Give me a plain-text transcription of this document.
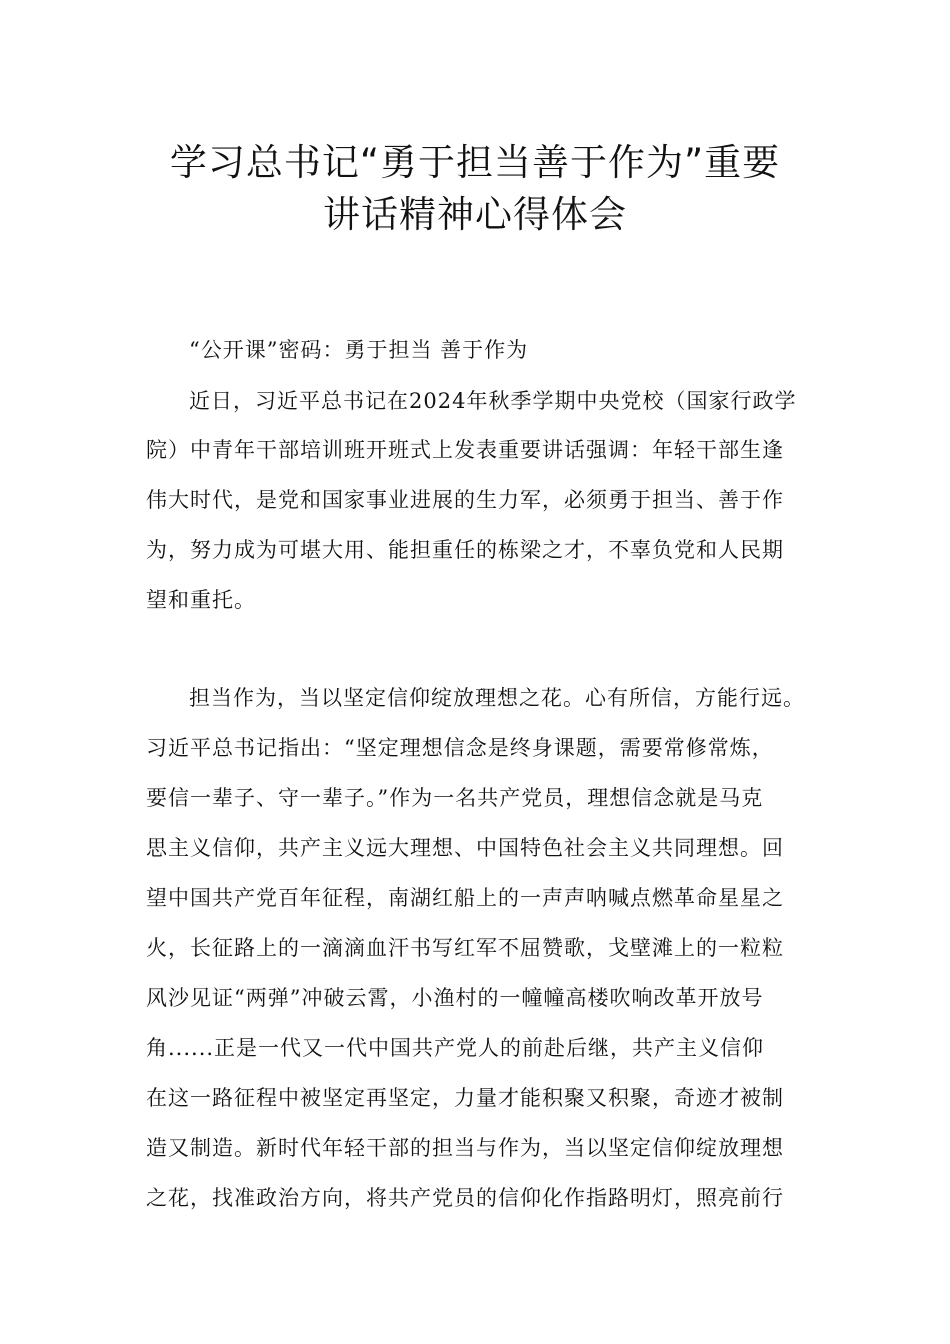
学习总书记“勇于担当善于作为”重要
讲话精神心得体会

“公开课”密码：勇于担当 善于作为

近日，习近平总书记在2024年秋季学期中央党校（国家行政学

院）中青年干部培训班开班式上发表重要讲话强调：年轻干部生逢

伟大时代，是党和国家事业进展的生力军，必须勇于担当、善于作

为，努力成为可堪大用、能担重任的栋梁之才，不辜负党和人民期

望和重托。

担当作为，当以坚定信仰绽放理想之花。心有所信，方能行远。

习近平总书记指出：“坚定理想信念是终身课题，需要常修常炼，

要信一辈子、守一辈子。”作为一名共产党员，理想信念就是马克

思主义信仰，共产主义远大理想、中国特色社会主义共同理想。回

望中国共产党百年征程，南湖红船上的一声声呐喊点燃革命星星之

火，长征路上的一滴滴血汗书写红军不屈赞歌，戈壁滩上的一粒粒

风沙见证“两弹”冲破云霄，小渔村的一幢幢高楼吹响改革开放号

角......正是一代又一代中国共产党人的前赴后继，共产主义信仰

在这一路征程中被坚定再坚定，力量才能积聚又积聚，奇迹才被制

造又制造。新时代年轻干部的担当与作为，当以坚定信仰绽放理想

之花，找准政治方向，将共产党员的信仰化作指路明灯，照亮前行
